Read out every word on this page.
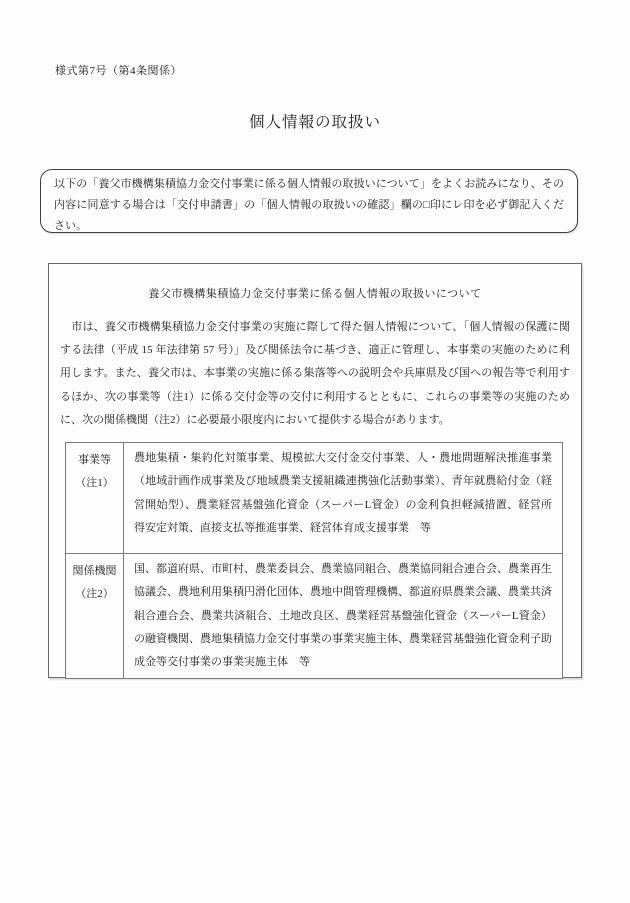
様式第7号（第4条関係）
個人情報の取扱い
以下の「養父市機構集積協力金交付事業に係る個人情報の取扱いについて」をよくお読みになり、その内容に同意する場合は「交付申請書」の「個人情報の取扱いの確認」欄の□印にレ印を必ず御記入ください。
養父市機構集積協力金交付事業に係る個人情報の取扱いについて
　市は、養父市機構集積協力金交付事業の実施に際して得た個人情報について、「個人情報の保護に関する法律（平成 15 年法律第 57 号）」及び関係法令に基づき、適正に管理し、本事業の実施のために利用します。また、養父市は、本事業の実施に係る集落等への説明会や兵庫県及び国への報告等で利用するほか、次の事業等（注1）に係る交付金等の交付に利用するとともに、これらの事業等の実施のために、次の関係機関（注2）に必要最小限度内において提供する場合があります。
事業等
（注1）	農地集積・集約化対策事業、規模拡大交付金交付事業、人・農地問題解決推進事業（地域計画作成事業及び地域農業支援組織連携強化活動事業）、青年就農給付金（経営開始型）、農業経営基盤強化資金（スーパーL資金）の金利負担軽減措置、経営所得安定対策、直接支払等推進事業、経営体育成支援事業　等

関係機関
（注2）	国、都道府県、市町村、農業委員会、農業協同組合、農業協同組合連合会、農業再生協議会、農地利用集積円滑化団体、農地中間管理機構、都道府県農業会議、農業共済組合連合会、農業共済組合、土地改良区、農業経営基盤強化資金（スーパーL資金）の融資機関、農地集積協力金交付事業の事業実施主体、農業経営基盤強化資金利子助成金等交付事業の事業実施主体　等
